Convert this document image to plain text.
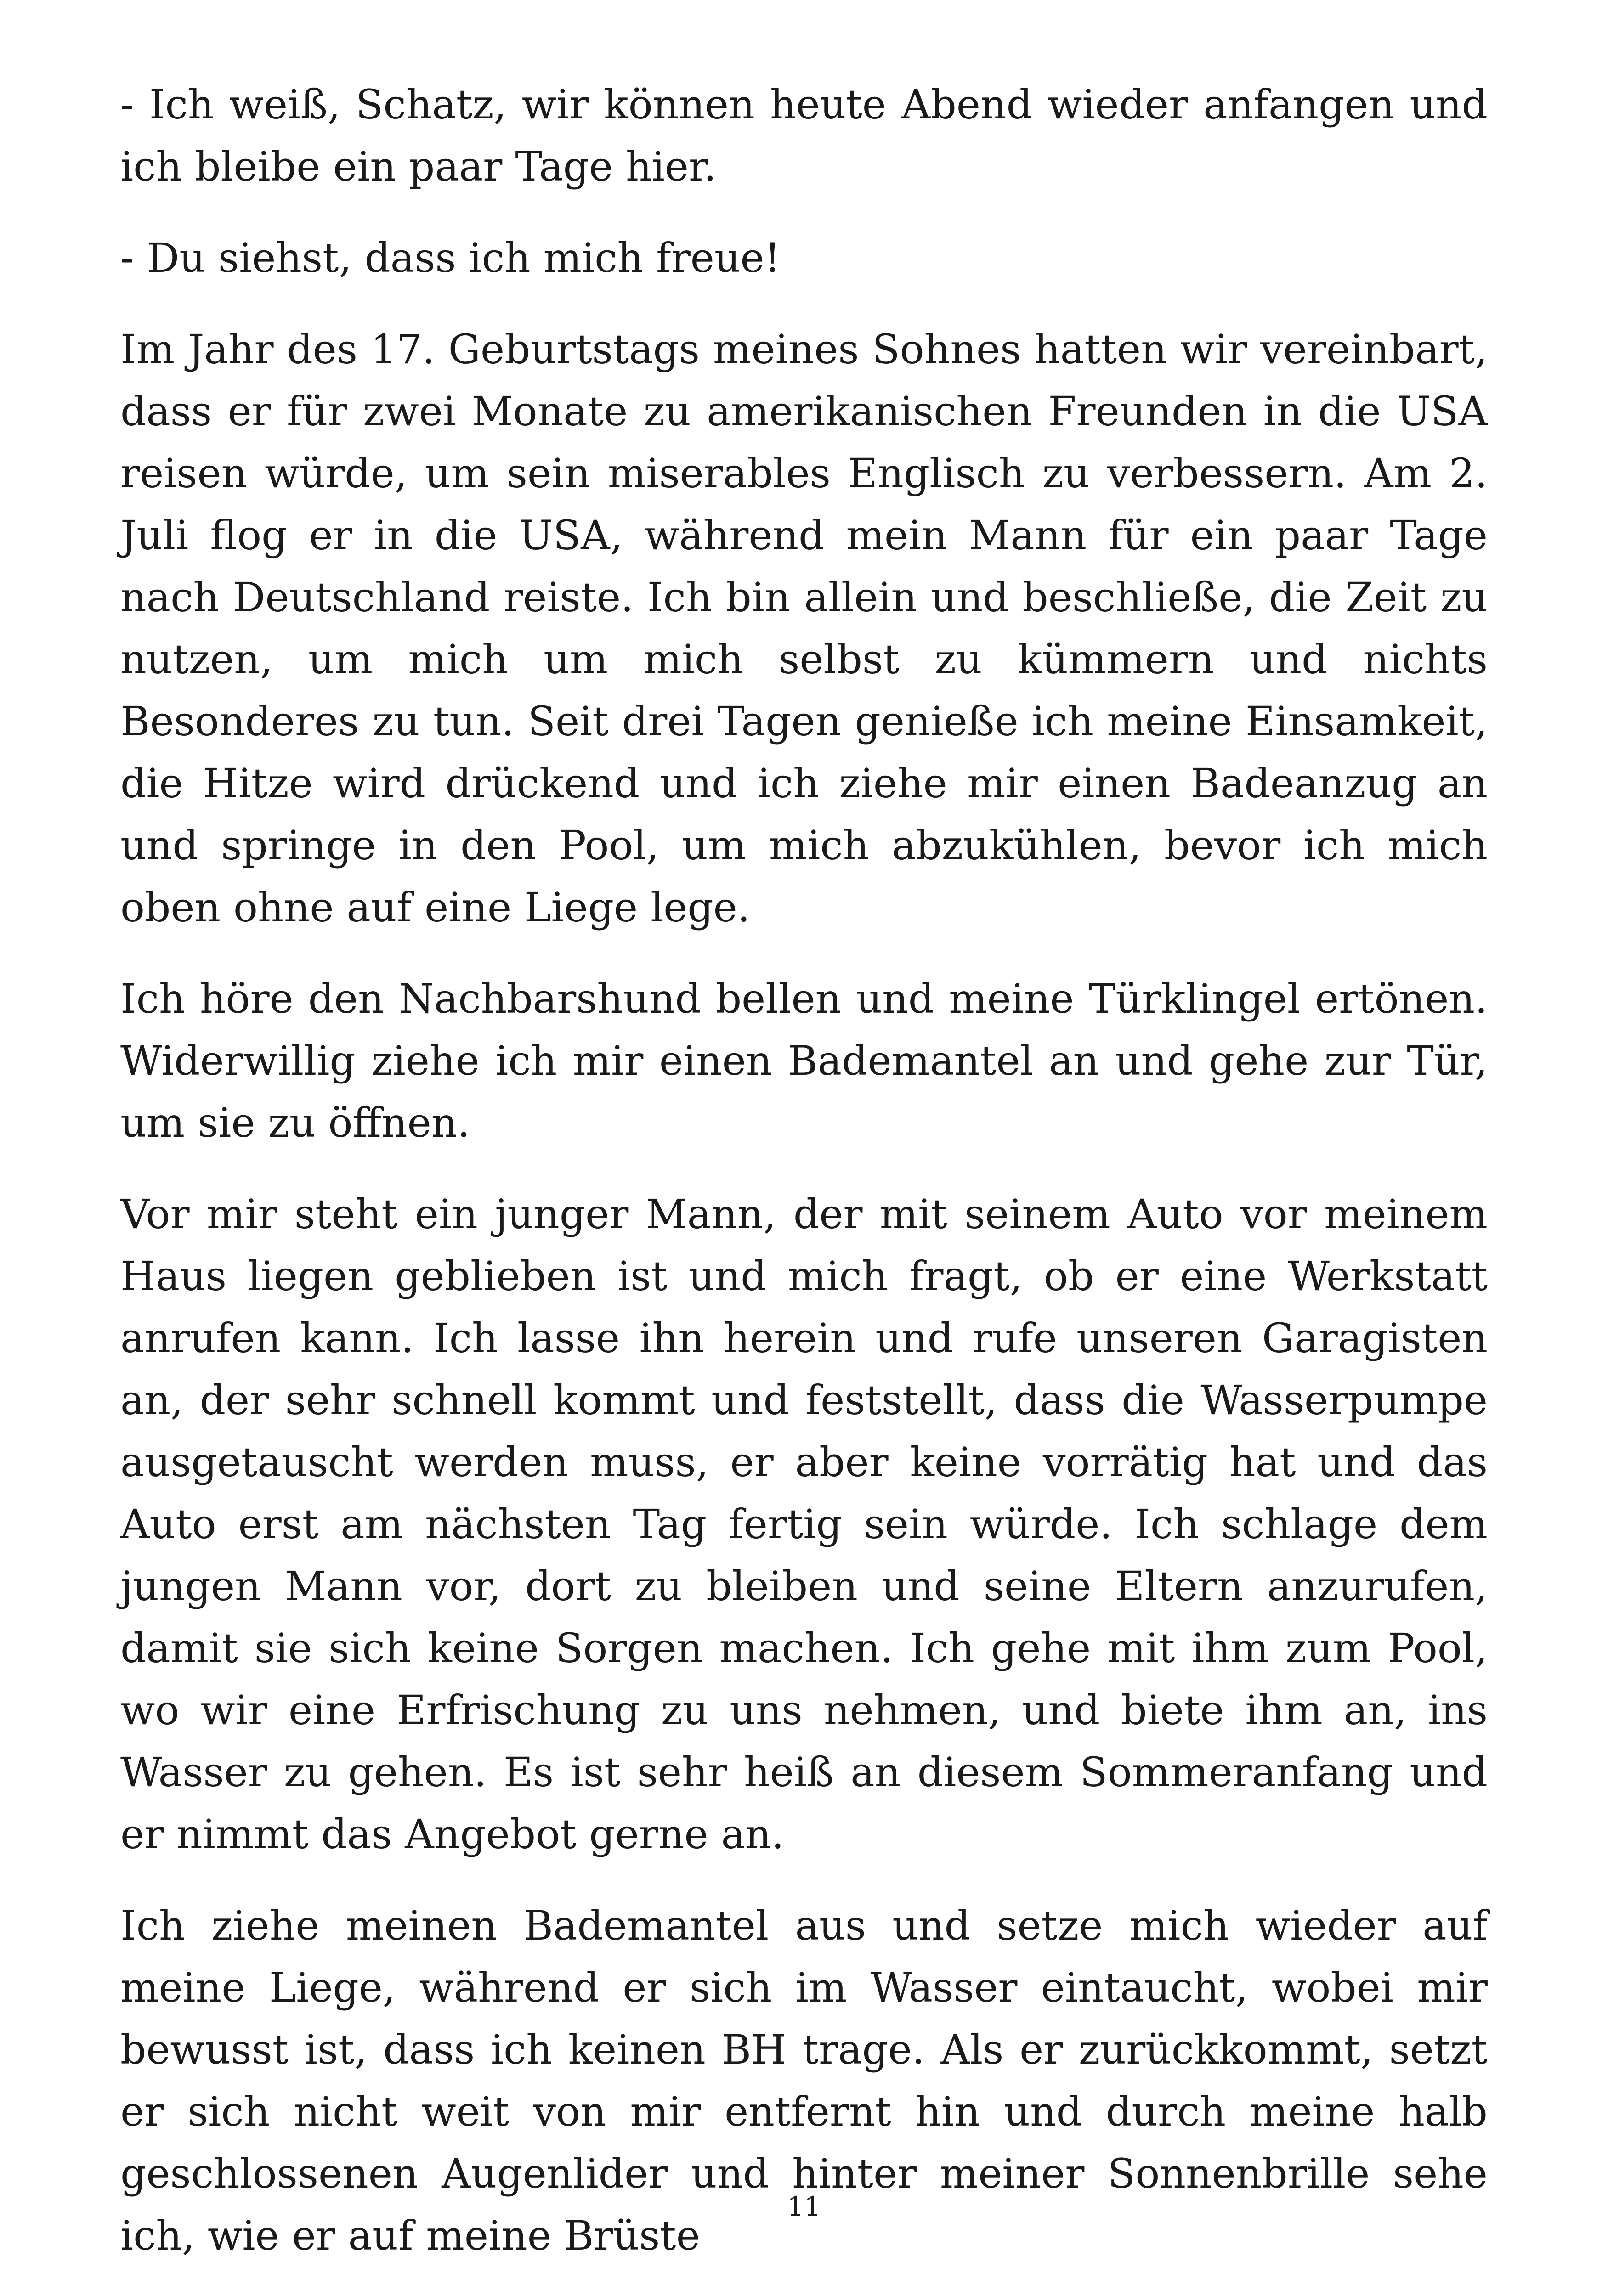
- Ich weiß, Schatz, wir können heute Abend wieder anfangen und ich bleibe ein paar Tage hier.

- Du siehst, dass ich mich freue!

Im Jahr des 17. Geburtstags meines Sohnes hatten wir vereinbart, dass er für zwei Monate zu amerikanischen Freunden in die USA reisen würde, um sein miserables Englisch zu verbessern. Am 2. Juli flog er in die USA, während mein Mann für ein paar Tage nach Deutschland reiste. Ich bin allein und beschließe, die Zeit zu nutzen, um mich um mich selbst zu kümmern und nichts Besonderes zu tun. Seit drei Tagen genieße ich meine Einsamkeit, die Hitze wird drückend und ich ziehe mir einen Badeanzug an und springe in den Pool, um mich abzukühlen, bevor ich mich oben ohne auf eine Liege lege.

Ich höre den Nachbarshund bellen und meine Türklingel ertönen. Widerwillig ziehe ich mir einen Bademantel an und gehe zur Tür, um sie zu öffnen.

Vor mir steht ein junger Mann, der mit seinem Auto vor meinem Haus liegen geblieben ist und mich fragt, ob er eine Werkstatt anrufen kann. Ich lasse ihn herein und rufe unseren Garagisten an, der sehr schnell kommt und feststellt, dass die Wasserpumpe ausgetauscht werden muss, er aber keine vorrätig hat und das Auto erst am nächsten Tag fertig sein würde. Ich schlage dem jungen Mann vor, dort zu bleiben und seine Eltern anzurufen, damit sie sich keine Sorgen machen. Ich gehe mit ihm zum Pool, wo wir eine Erfrischung zu uns nehmen, und biete ihm an, ins Wasser zu gehen. Es ist sehr heiß an diesem Sommeranfang und er nimmt das Angebot gerne an.

Ich ziehe meinen Bademantel aus und setze mich wieder auf meine Liege, während er sich im Wasser eintaucht, wobei mir bewusst ist, dass ich keinen BH trage. Als er zurückkommt, setzt er sich nicht weit von mir entfernt hin und durch meine halb geschlossenen Augenlider und hinter meiner Sonnenbrille sehe ich, wie er auf meine Brüste

11
